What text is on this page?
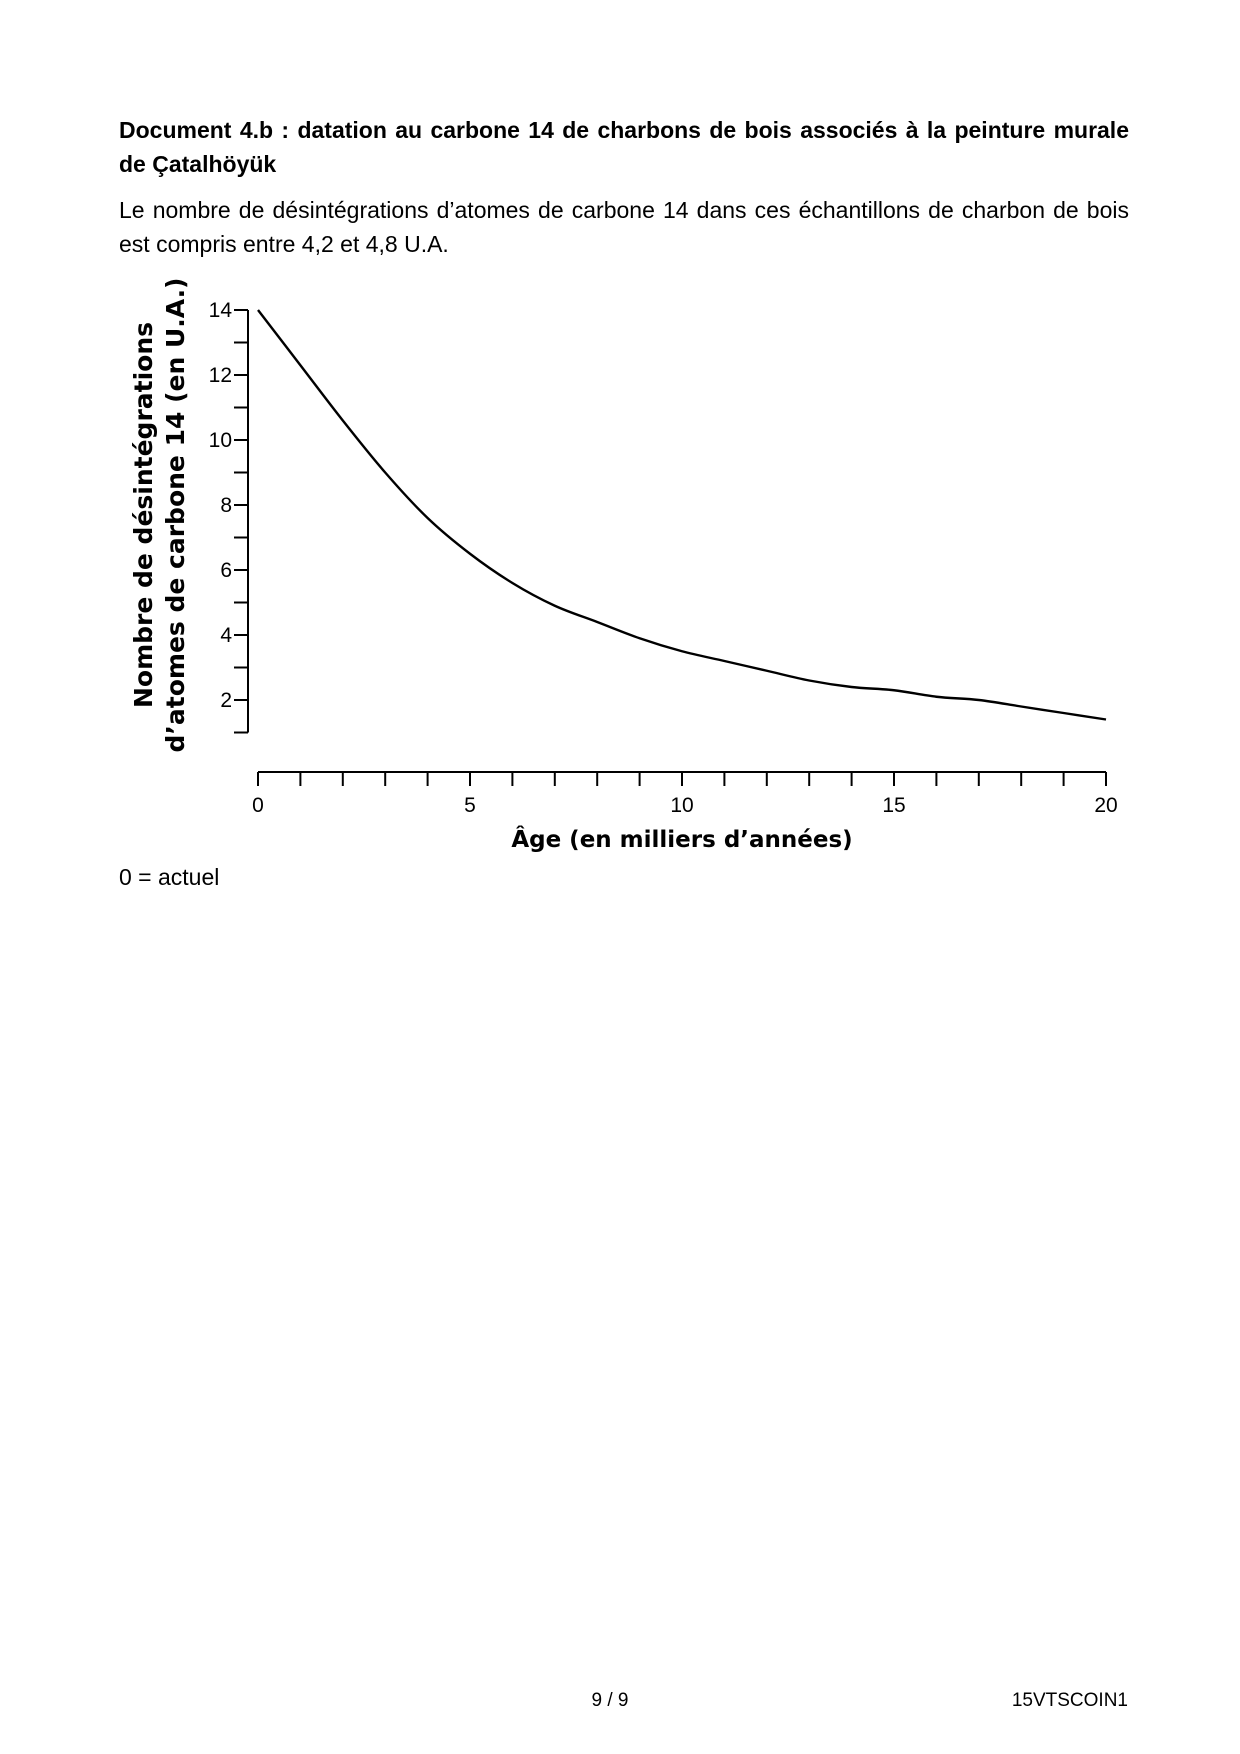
Document 4.b : datation au carbone 14 de charbons de bois associés à la peinture murale de Çatalhöyük
Le nombre de désintégrations d’atomes de carbone 14 dans ces échantillons de charbon de bois est compris entre 4,2 et 4,8 U.A.
2
4
6
8
10
12
14
0	5	10	15	20
Âge (en milliers d’années)
Nombre de désintégrations d’atomes de carbone 14 (en U.A.)
0 = actuel
9 / 9	15VTSCOIN1
